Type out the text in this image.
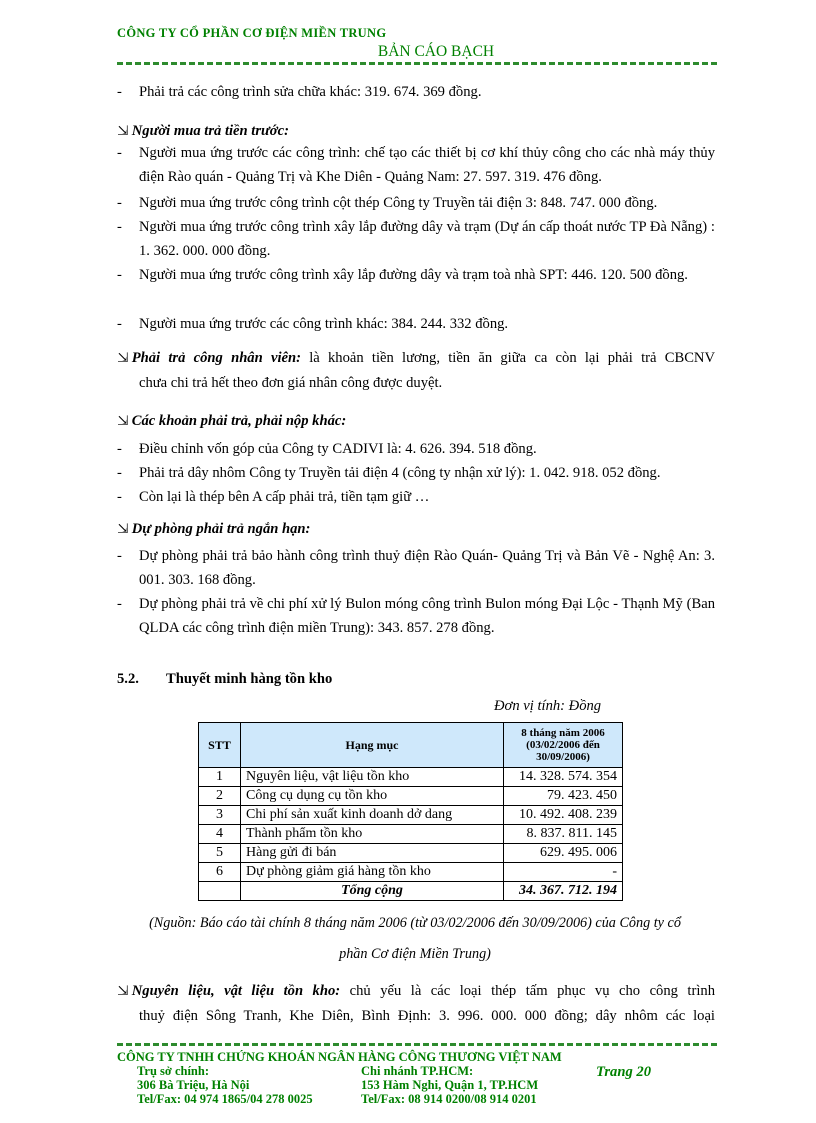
CÔNG TY CỔ PHẦN CƠ ĐIỆN MIỀN TRUNG
BẢN CÁO BẠCH
- Phải trả các công trình sửa chữa khác: 319. 674. 369 đồng.
⇲ Người mua trả tiền trước:
- Người mua ứng trước các công trình: chế tạo các thiết bị cơ khí thủy công cho các nhà máy thủy điện Rào quán - Quảng Trị và Khe Diên - Quảng Nam: 27. 597. 319. 476 đồng.
- Người mua ứng trước công trình cột thép Công ty Truyền tải điện 3: 848. 747. 000 đồng.
- Người mua ứng trước công trình xây lắp đường dây và trạm (Dự án cấp thoát nước TP Đà Nẵng) : 1. 362. 000. 000 đồng.
- Người mua ứng trước công trình xây lắp đường dây và trạm toà nhà SPT: 446. 120. 500 đồng.
- Người mua ứng trước các công trình khác: 384. 244. 332 đồng.
⇲ Phải trả công nhân viên: là khoản tiền lương, tiền ăn giữa ca còn lại phải trả CBCNV
chưa chi trả hết theo đơn giá nhân công được duyệt.
⇲ Các khoản phải trả, phải nộp khác:
- Điều chỉnh vốn góp của Công ty CADIVI là: 4. 626. 394. 518 đồng.
- Phải trả dây nhôm Công ty Truyền tải điện 4 (công ty nhận xử lý): 1. 042. 918. 052 đồng.
- Còn lại là thép bên A cấp phải trả, tiền tạm giữ …
⇲ Dự phòng phải trả ngắn hạn:
- Dự phòng phải trả bảo hành công trình thuỷ điện Rào Quán- Quảng Trị và Bản Vẽ - Nghệ An: 3. 001. 303. 168 đồng.
- Dự phòng phải trả về chi phí xử lý Bulon móng công trình Bulon móng Đại Lộc - Thạnh Mỹ (Ban QLDA các công trình điện miền Trung): 343. 857. 278 đồng.
5.2. Thuyết minh hàng tồn kho
Đơn vị tính: Đồng
STT	Hạng mục	8 tháng năm 2006
(03/02/2006 đến
30/09/2006)
1	Nguyên liệu, vật liệu tồn kho	14. 328. 574. 354
2	Công cụ dụng cụ tồn kho	79. 423. 450
3	Chi phí sản xuất kinh doanh dở dang	10. 492. 408. 239
4	Thành phẩm tồn kho	8. 837. 811. 145
5	Hàng gửi đi bán	629. 495. 006
6	Dự phòng giảm giá hàng tồn kho	-
	Tổng cộng	34. 367. 712. 194
(Nguồn: Báo cáo tài chính 8 tháng năm 2006 (từ 03/02/2006 đến 30/09/2006) của Công ty cổ
phần Cơ điện Miền Trung)
⇲ Nguyên liệu, vật liệu tồn kho: chủ yếu là các loại thép tấm phục vụ cho công trình
thuỷ điện Sông Tranh, Khe Diên, Bình Định: 3. 996. 000. 000 đồng; dây nhôm các loại
CÔNG TY TNHH CHỨNG KHOÁN NGÂN HÀNG CÔNG THƯƠNG VIỆT NAM
Trụ sở chính:
306 Bà Triệu, Hà Nội
Tel/Fax: 04 974 1865/04 278 0025
Chi nhánh TP.HCM:
153 Hàm Nghi, Quận 1, TP.HCM
Tel/Fax: 08 914 0200/08 914 0201
Trang 20
